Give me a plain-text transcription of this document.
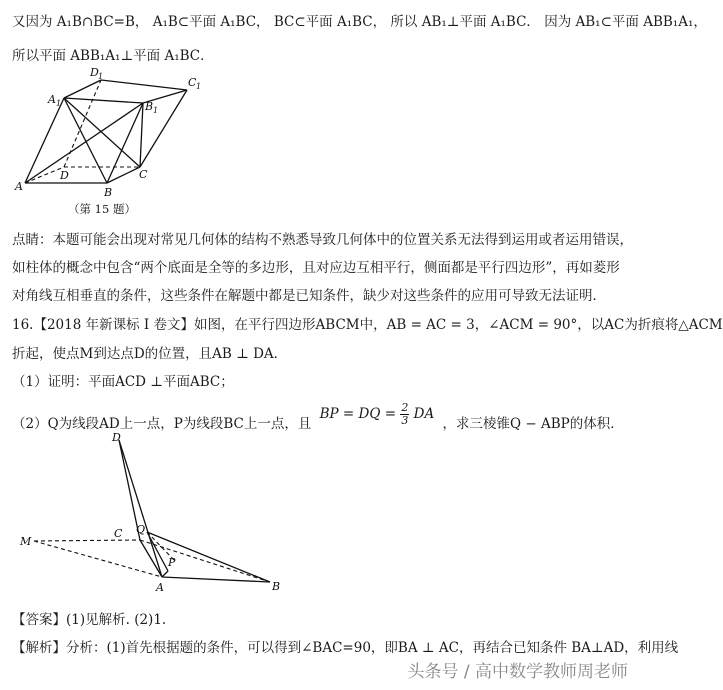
又因为 A₁B∩BC=B， A₁B⊂平面 A₁BC， BC⊂平面 A₁BC， 所以 AB₁⊥平面 A₁BC． 因为 AB₁⊂平面 ABB₁A₁，
所以平面 ABB₁A₁⊥平面 A₁BC．
A	B
C
D
A 1	B 1
C 1
D 1
M
D
C Q
P
A	B
（第 15 题）
点睛：本题可能会出现对常见几何体的结构不熟悉导致几何体中的位置关系无法得到运用或者运用错误，
如柱体的概念中包含“两个底面是全等的多边形，且对应边互相平行，侧面都是平行四边形”，再如菱形
对角线互相垂直的条件，这些条件在解题中都是已知条件，缺少对这些条件的应用可导致无法证明．
16.【2018 年新课标 I 卷文】如图，在平行四边形ABCM中，AB = AC = 3，∠ACM = 90°，以AC为折痕将△ACM
折起，使点M到达点D的位置，且AB ⊥ DA．
（1）证明：平面ACD ⊥平面ABC；
（2）Q为线段AD上一点，P为线段BC上一点，且 BP = DQ = $\frac{2}{3}$ DA ，求三棱锥Q − ABP的体积．
【答案】(1)见解析. (2)1.
【解析】分析：(1)首先根据题的条件，可以得到∠BAC=90，即BA ⊥ AC，再结合已知条件 BA⊥AD，利用线
头条号 / 高中数学教师周老师
